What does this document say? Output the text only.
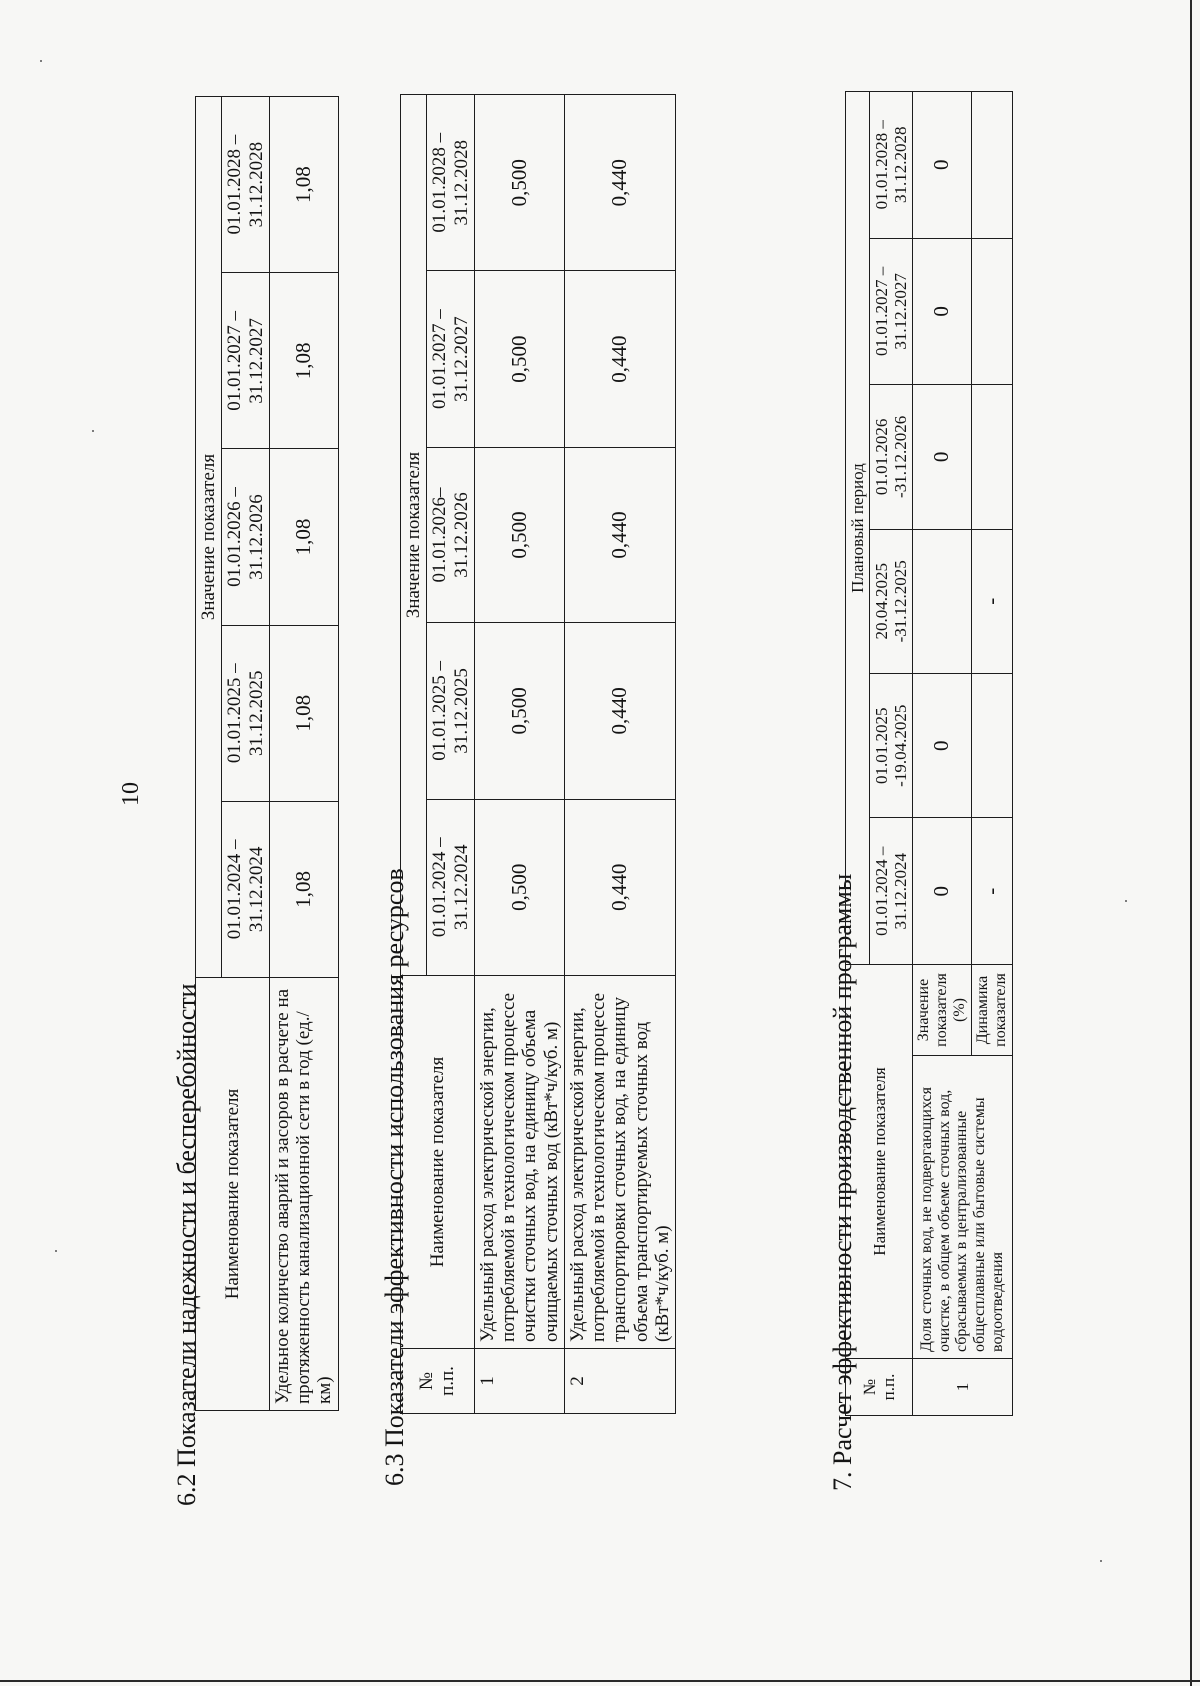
10
6.2 Показатели надежности и бесперебойности Наименование показателя	Значение показателя				
	01.01.2024 – 31.12.2024	01.01.2025 – 31.12.2025	01.01.2026 – 31.12.2026	01.01.2027 – 31.12.2027	01.01.2028 – 31.12.2028
Удельное количество аварий и засоров в расчете на протяженность канализационной сети в год (ед./км)	1,08	1,08	1,08	1,08	1,08
6.3 Показатели эффективности использования ресурсов № п.п.	Наименование показателя	Значение показателя				
		01.01.2024 – 31.12.2024	01.01.2025 – 31.12.2025	01.01.2026– 31.12.2026	01.01.2027 – 31.12.2027	01.01.2028 – 31.12.2028
1	Удельный расход электрической энергии, потребляемой в технологическом процессе очистки сточных вод, на единицу объема очищаемых сточных вод (кВт*ч/куб. м)	0,500	0,500	0,500	0,500	0,500
2	Удельный расход электрической энергии, потребляемой в технологическом процессе транспортировки сточных вод, на единицу объема транспортируемых сточных вод (кВт*ч/куб. м)	0,440	0,440	0,440	0,440	0,440
7. Расчет эффективности производственной программы № п.п.	Наименование показателя		Плановый период					
			01.01.2024 – 31.12.2024	01.01.2025 -19.04.2025	20.04.2025 -31.12.2025	01.01.2026 -31.12.2026	01.01.2027 – 31.12.2027	01.01.2028 – 31.12.2028
1	Доля сточных вод, не подвергающихся очистке, в общем объеме сточных вод, сбрасываемых в централизованные общесплавные или бытовые системы водоотведения	Значение показателя (%)	0	0		0	0	0
		Динамика показателя	-		-			
